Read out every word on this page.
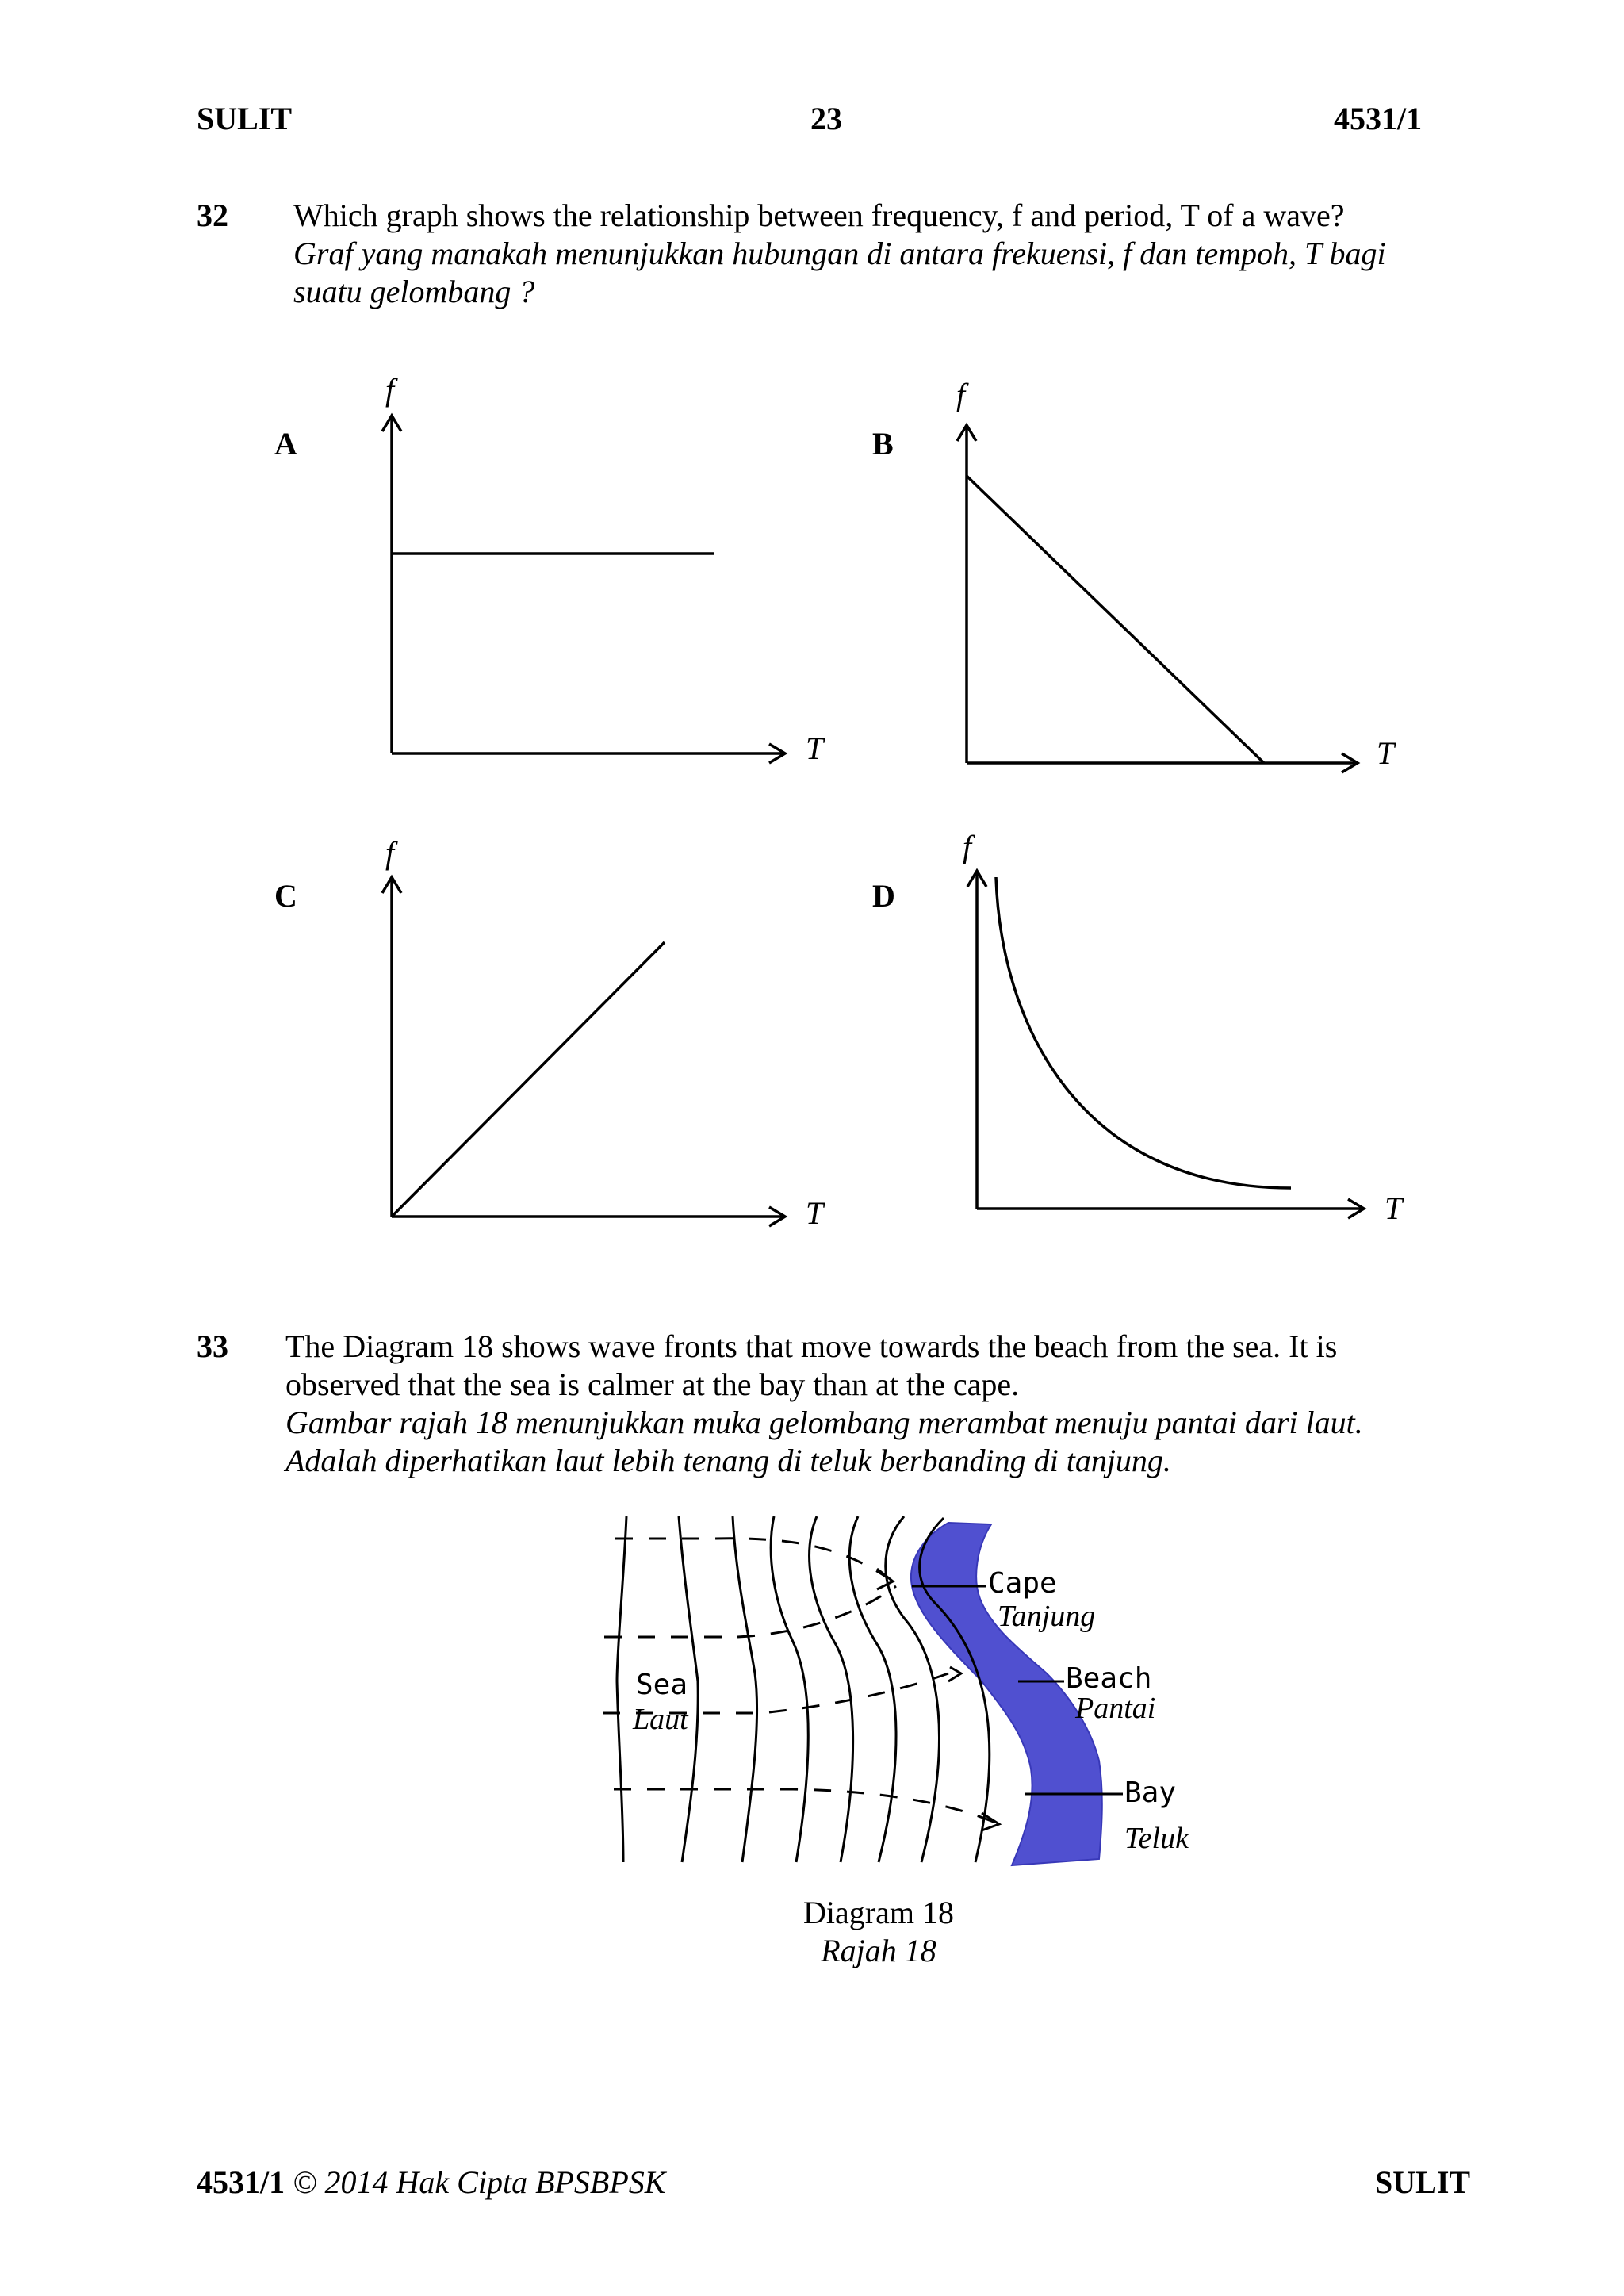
SULIT	23	4531/1
32 Which graph shows the relationship between frequency, f and period, T of a wave?
Graf yang manakah menunjukkan hubungan di antara frekuensi, f dan tempoh, T bagi
suatu gelombang ?
A	B
C	D
f
T
f
T
f
T
f
T
33 The Diagram 18 shows wave fronts that move towards the beach from the sea. It is
observed that the sea is calmer at the bay than at the cape.
Gambar rajah 18 menunjukkan muka gelombang merambat menuju pantai dari laut.
Adalah diperhatikan laut lebih tenang di teluk berbanding di tanjung.
Sea
Laut
Cape
Tanjung
Beach
Pantai
Bay
Teluk
Diagram 18
Rajah 18
4531/1 © 2014 Hak Cipta BPSBPSK	SULIT
